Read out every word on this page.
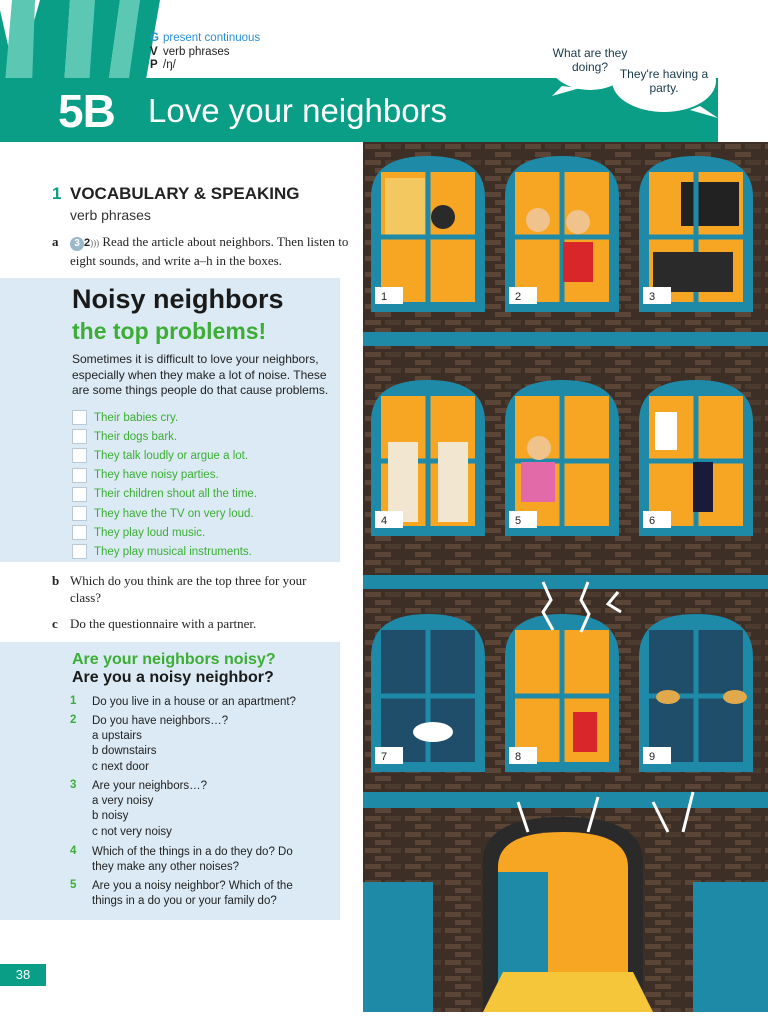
G present continuous
V verb phrases
P /ŋ/
5B Love your neighbors
What are they doing? They're having a party.
1 VOCABULARY & SPEAKING
verb phrases
a	3 2))) Read the article about neighbors. Then listen to eight sounds, and write a–h in the boxes.
Noisy neighbors
the top problems!
Sometimes it is difficult to love your neighbors, especially when they make a lot of noise. These are some things people do that cause problems.
Their babies cry.
Their dogs bark.
They talk loudly or argue a lot.
They have noisy parties.
Their children shout all the time.
They have the TV on very loud.
They play loud music.
They play musical instruments.
b Which do you think are the top three for your class?
c Do the questionnaire with a partner.
Are your neighbors noisy?
Are you a noisy neighbor?
1 Do you live in a house or an apartment?
2 Do you have neighbors…?
a upstairs
b downstairs
c next door
3 Are your neighbors…?
a very noisy
b noisy
c not very noisy
4 Which of the things in a do they do? Do
they make any other noises?
5 Are you a noisy neighbor? Which of the
things in a do you or your family do?
38
1	2	3
4	5	6
7	8	9
